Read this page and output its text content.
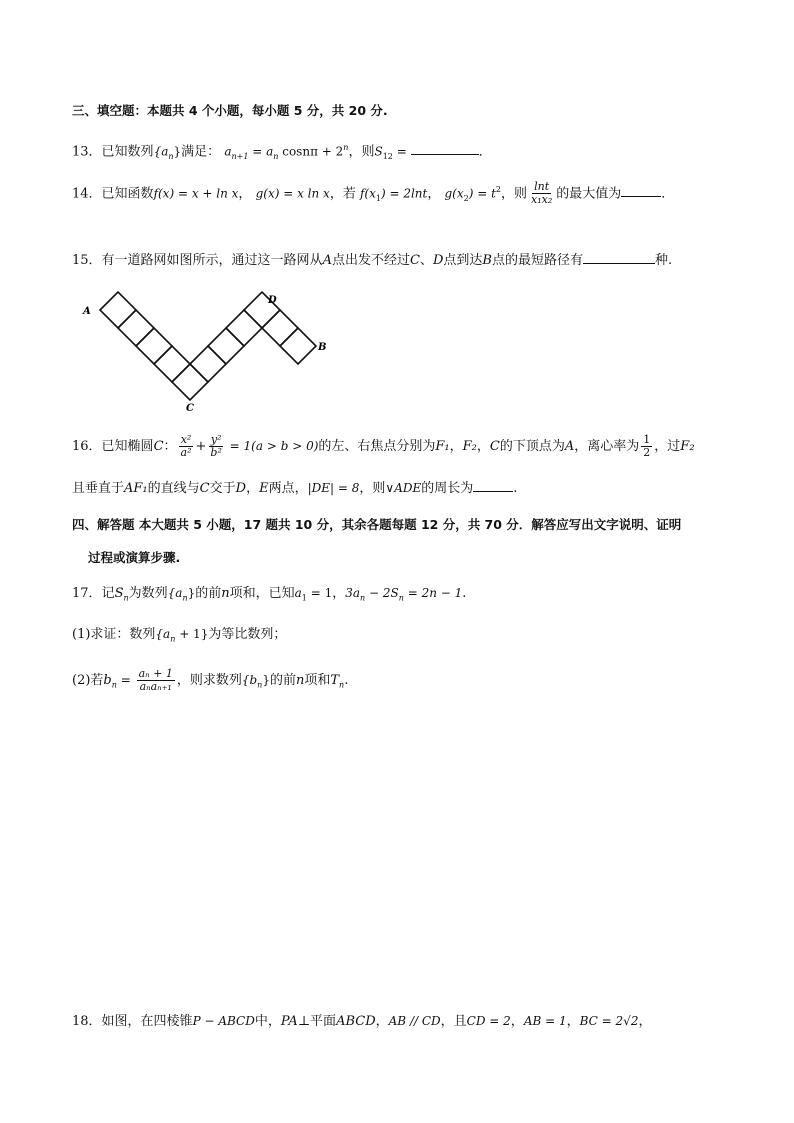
三、填空题：本题共 4 个小题，每小题 5 分，共 20 分.
13．已知数列$\{a_n\}$满足： $a_{n+1} = a_n$ $\cos n\pi + 2^n$，则$S_{12}$ =	．
14．已知函数f(x) = x + ln x， g(x) = x ln x，若 $f(x_1) = 2\ln t$， $g(x_2) = t^2$，则 $\frac{\ln t}{\text{x₁x₂}}$ 的最大值为	．
15．有一道路网如图所示，通过这一路网从A点出发不经过C、D点到达B点的最短路径有	种.
A
D
B
C
16．已知椭圆C： $\frac{\text{x²}}{\text{a²}} + \frac{\text{y²}}{\text{b²}} = 1(a > b > 0)$的左、右焦点分别为F₁，F₂，C的下顶点为A，离心率为 $\frac{1}{2}$ ，过F₂
且垂直于AF₁的直线与C交于D，E两点，|DE| = 8，则∨ADE的周长为	.
四、解答题 本大题共 5 小题，17 题共 10 分，其余各题每题 12 分，共 70 分．解答应写出文字说明、证明
过程或演算步骤.
17．记$S_n$为数列$\{a_n\}$的前n项和，已知$a_1 = 1$，$3a_n - 2S_n = 2n - 1$.
(1)求证：数列$\{a_n + 1\}$为等比数列；
(2)若$b_n = \frac{\text{aₙ + 1}}{\text{aₙaₙ₊₁}}$ ，则求数列$\{b_n\}$的前n项和$T_n$.
18．如图，在四棱锥P − ABCD中，PA⊥平面ABCD，AB // CD，且CD = 2，AB = 1，BC = 2√2，
